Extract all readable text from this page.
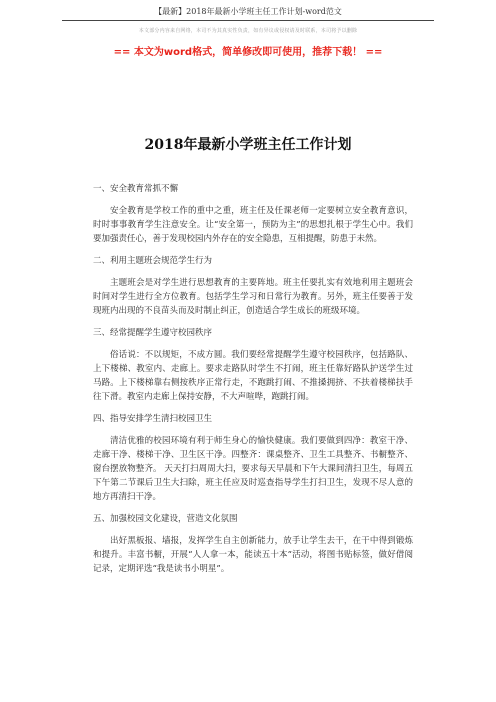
【最新】2018年最新小学班主任工作计划-word范文
本文部分内容来自网络，本司不为其真实性负责，如有异议或侵权请及时联系，本司将予以删除
== 本文为word格式，简单修改即可使用，推荐下载！ ==
2018年最新小学班主任工作计划

一、安全教育常抓不懈

安全教育是学校工作的重中之重，班主任及任课老师一定要树立安全教育意识，时时事事教育学生注意安全。让“安全第一，预防为主”的思想扎根于学生心中。我们要加强责任心，善于发现校园内外存在的安全隐患，互相提醒，防患于未然。

二、利用主题班会规范学生行为

主题班会是对学生进行思想教育的主要阵地。班主任要扎实有效地利用主题班会时间对学生进行全方位教育。包括学生学习和日常行为教育。另外，班主任要善于发现班内出现的不良苗头而及时制止纠正，创造适合学生成长的班级环境。

三、经常提醒学生遵守校园秩序

俗话说：不以规矩，不成方圆。我们要经常提醒学生遵守校园秩序，包括路队、上下楼梯、教室内、走廊上。要求走路队时学生不打闹，班主任靠好路队护送学生过马路。上下楼梯靠右侧按秩序正常行走，不跑跳打闹、不推搡拥挤、不扶着楼梯扶手往下滑。教室内走廊上保持安静，不大声喧哗，跑跳打闹。

四、指导安排学生清扫校园卫生

清洁优雅的校园环境有利于师生身心的愉快健康。我们要做到四净：教室干净、走廊干净、楼梯干净、卫生区干净。四整齐：课桌整齐、卫生工具整齐、书橱整齐、窗台摆放物整齐。 天天打扫周周大扫，要求每天早晨和下午大课间清扫卫生，每周五下午第二节课后卫生大扫除，班主任应及时巡查指导学生打扫卫生，发现不尽人意的地方再清扫干净。

五、加强校园文化建设，营造文化氛围

出好黑板报、墙报，发挥学生自主创新能力，放手让学生去干，在干中得到锻炼和提升。丰富书橱，开展“人人拿一本，能读五十本”活动，将图书贴标签，做好借阅记录，定期评选“我是读书小明星”。
